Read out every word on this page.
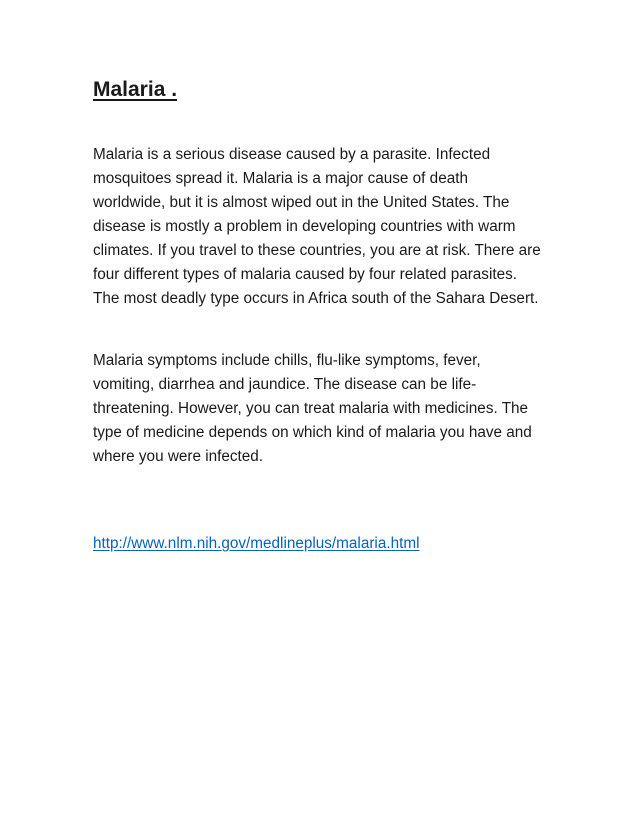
Malaria .

Malaria is a serious disease caused by a parasite. Infected
mosquitoes spread it. Malaria is a major cause of death
worldwide, but it is almost wiped out in the United States. The
disease is mostly a problem in developing countries with warm
climates. If you travel to these countries, you are at risk. There are
four different types of malaria caused by four related parasites.
The most deadly type occurs in Africa south of the Sahara Desert.

Malaria symptoms include chills, flu-like symptoms, fever,
vomiting, diarrhea and jaundice. The disease can be life-
threatening. However, you can treat malaria with medicines. The
type of medicine depends on which kind of malaria you have and
where you were infected.

http://www.nlm.nih.gov/medlineplus/malaria.html
